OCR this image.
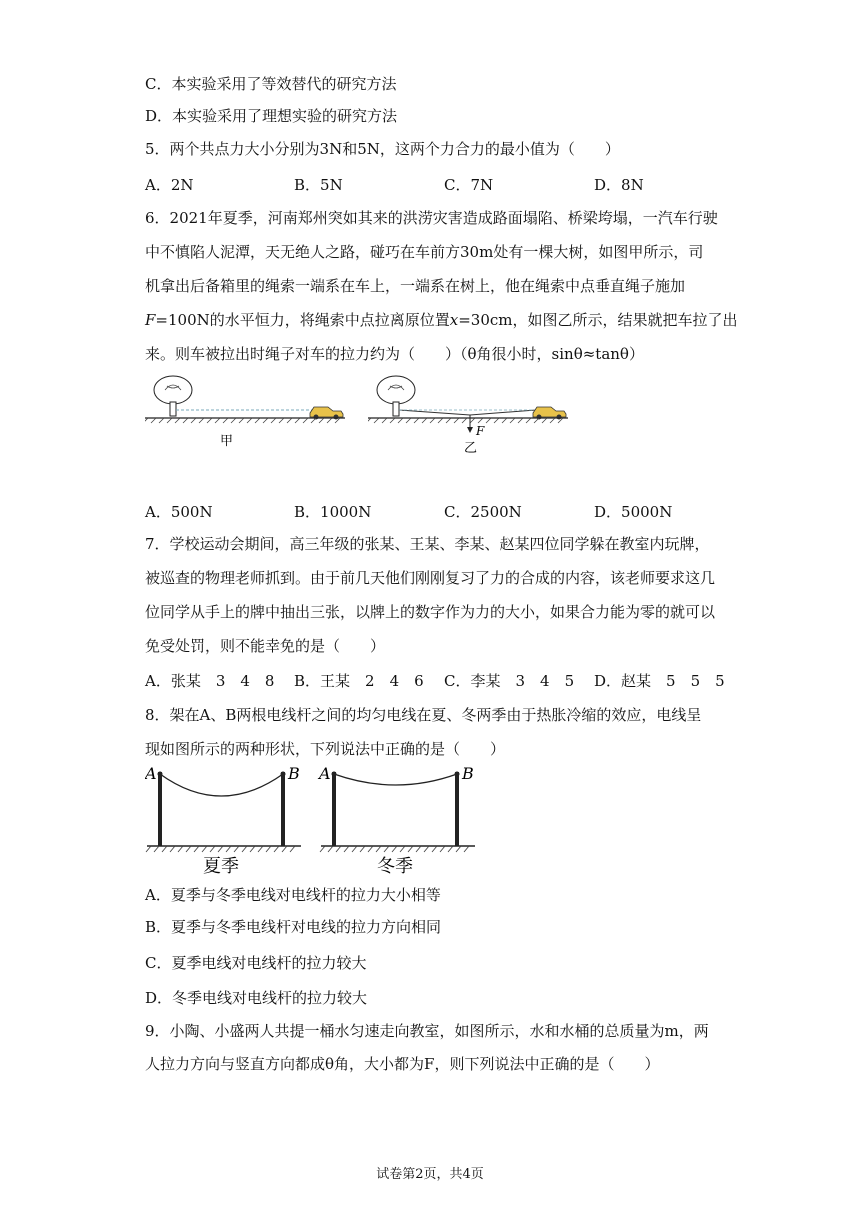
C．本实验采用了等效替代的研究方法
D．本实验采用了理想实验的研究方法
5．两个共点力大小分别为3N和5N，这两个力合力的最小值为（　　）
A．2N	B．5N	C．7N	D．8N
6．2021年夏季，河南郑州突如其来的洪涝灾害造成路面塌陷、桥梁垮塌，一汽车行驶
中不慎陷人泥潭，天无绝人之路，碰巧在车前方30m处有一棵大树，如图甲所示，司
机拿出后备箱里的绳索一端系在车上，一端系在树上，他在绳索中点垂直绳子施加
F=100N的水平恒力，将绳索中点拉离原位置x=30cm，如图乙所示，结果就把车拉了出
来。则车被拉出时绳子对车的拉力约为（　　）（θ角很小时，sinθ≈tanθ）
甲
F
乙
A．500N	B．1000N	C．2500N	D．5000N
7．学校运动会期间，高三年级的张某、王某、李某、赵某四位同学躲在教室内玩牌，
被巡查的物理老师抓到。由于前几天他们刚刚复习了力的合成的内容，该老师要求这几
位同学从手上的牌中抽出三张，以牌上的数字作为力的大小，如果合力能为零的就可以
免受处罚，则不能幸免的是（　　）
A．张某　3　4　8 B．王某　2　4　6 C．李某　3　4　5 D．赵某　5　5　5
8．架在A、B两根电线杆之间的均匀电线在夏、冬两季由于热胀冷缩的效应，电线呈
现如图所示的两种形状，下列说法中正确的是（　　）
A	B
夏季
A	B
冬季
A．夏季与冬季电线对电线杆的拉力大小相等
B．夏季与冬季电线杆对电线的拉力方向相同
C．夏季电线对电线杆的拉力较大
D．冬季电线对电线杆的拉力较大
9．小陶、小盛两人共提一桶水匀速走向教室，如图所示，水和水桶的总质量为m，两
人拉力方向与竖直方向都成θ角，大小都为F，则下列说法中正确的是（　　）
试卷第2页，共4页
